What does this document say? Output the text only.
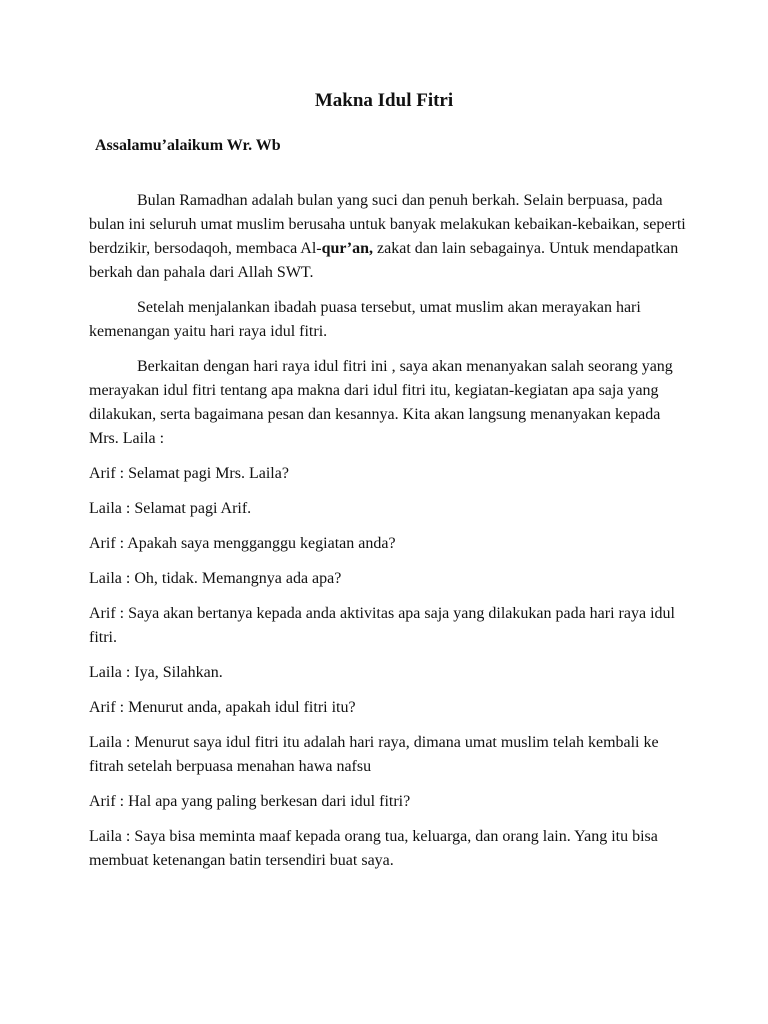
Makna Idul Fitri

Assalamu’alaikum Wr. Wb

Bulan Ramadhan adalah bulan yang suci dan penuh berkah. Selain berpuasa, pada bulan ini seluruh umat muslim berusaha untuk banyak melakukan kebaikan-kebaikan, seperti berdzikir, bersodaqoh, membaca Al-qur’an, zakat dan lain sebagainya. Untuk mendapatkan berkah dan pahala dari Allah SWT.

Setelah menjalankan ibadah puasa tersebut, umat muslim akan merayakan hari kemenangan yaitu hari raya idul fitri.

Berkaitan dengan hari raya idul fitri ini , saya akan menanyakan salah seorang yang merayakan idul fitri tentang apa makna dari idul fitri itu, kegiatan-kegiatan apa saja yang dilakukan, serta bagaimana pesan dan kesannya. Kita akan langsung menanyakan kepada Mrs. Laila :

Arif : Selamat pagi Mrs. Laila?

Laila : Selamat pagi Arif.

Arif : Apakah saya mengganggu kegiatan anda?

Laila : Oh, tidak. Memangnya ada apa?

Arif : Saya akan bertanya kepada anda aktivitas apa saja yang dilakukan pada hari raya idul fitri.

Laila : Iya, Silahkan.

Arif : Menurut anda, apakah idul fitri itu?

Laila : Menurut saya idul fitri itu adalah hari raya, dimana umat muslim telah kembali ke fitrah setelah berpuasa menahan hawa nafsu

Arif : Hal apa yang paling berkesan dari idul fitri?

Laila : Saya bisa meminta maaf kepada orang tua, keluarga, dan orang lain. Yang itu bisa membuat ketenangan batin tersendiri buat saya.
